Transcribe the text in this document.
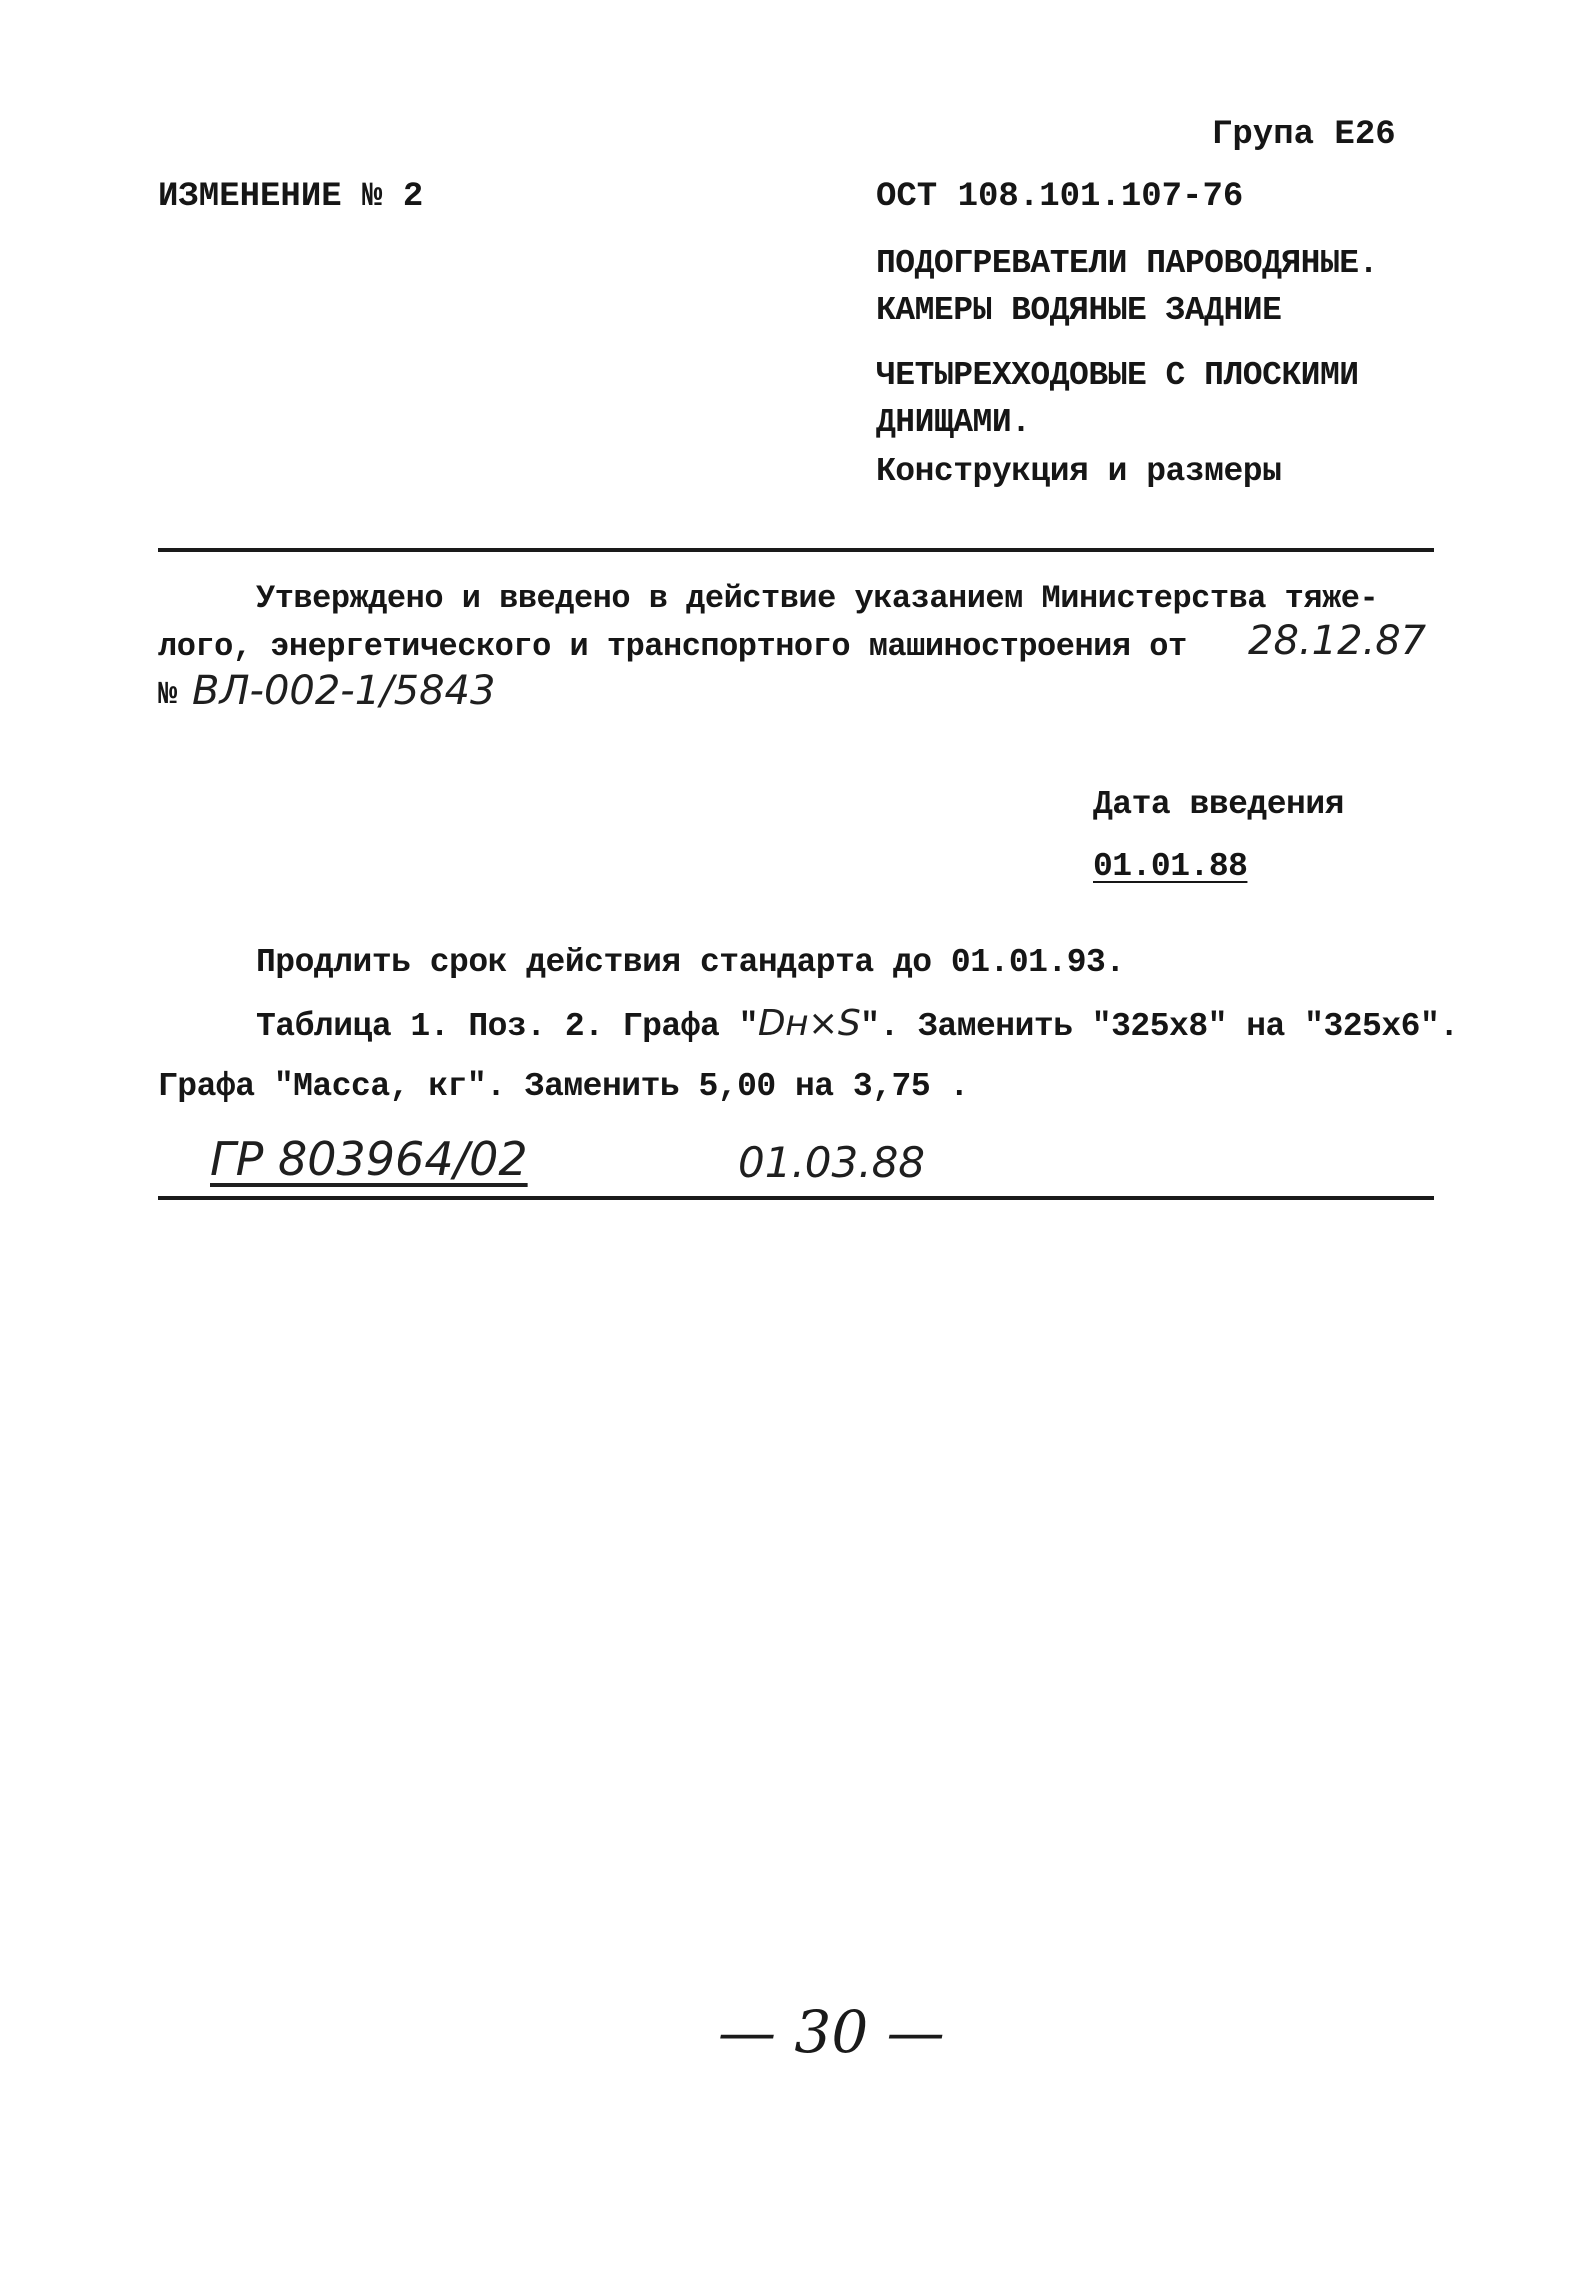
Група E26
ИЗМЕНЕНИЕ № 2	ОСТ 108.101.107-76
ПОДОГРЕВАТЕЛИ ПАРОВОДЯНЫЕ.
КАМЕРЫ ВОДЯНЫЕ ЗАДНИЕ
ЧЕТЫРЕХХОДОВЫЕ С ПЛОСКИМИ
ДНИЩАМИ.
Конструкция и размеры
Утверждено и введено в действие указанием Министерства тяже-
лого, энергетического и транспортного машиностроения от 28.12.87
№ ВЛ-002-1/5843
Дата введения
01.01.88
Продлить срок действия стандарта до 01.01.93.
Таблица 1. Поз. 2. Графа "Dн×S". Заменить "325х8" на "325х6".
Графа "Масса, кг". Заменить 5,00 на 3,75 .
ГР 803964/02	01.03.88
— 30 —
